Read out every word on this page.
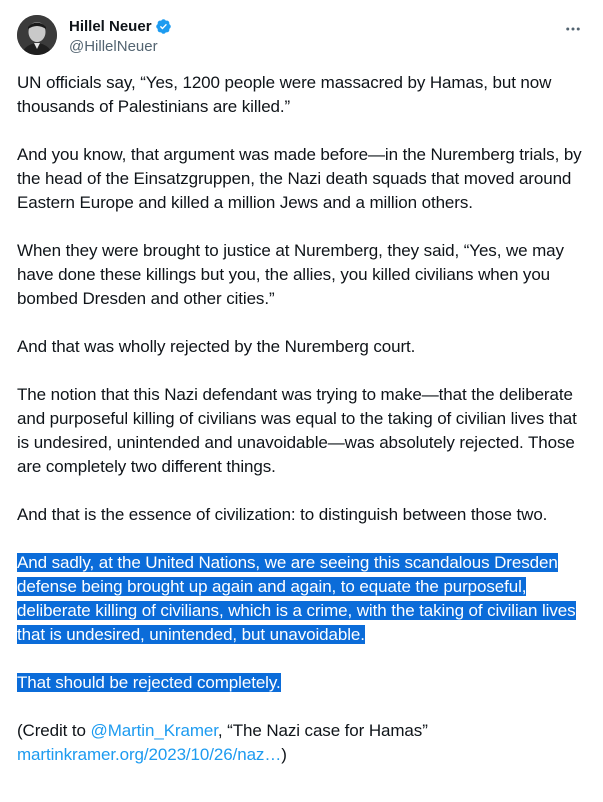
Hillel Neuer
@HillelNeuer

UN officials say, “Yes, 1200 people were massacred by Hamas, but now thousands of Palestinians are killed.”

And you know, that argument was made before—in the Nuremberg trials, by the head of the Einsatzgruppen, the Nazi death squads that moved around Eastern Europe and killed a million Jews and a million others.

When they were brought to justice at Nuremberg, they said, “Yes, we may have done these killings but you, the allies, you killed civilians when you bombed Dresden and other cities.”

And that was wholly rejected by the Nuremberg court.

The notion that this Nazi defendant was trying to make—that the deliberate and purposeful killing of civilians was equal to the taking of civilian lives that is undesired, unintended and unavoidable—was absolutely rejected. Those are completely two different things.

And that is the essence of civilization: to distinguish between those two.

And sadly, at the United Nations, we are seeing this scandalous Dresden defense being brought up again and again, to equate the purposeful, deliberate killing of civilians, which is a crime, with the taking of civilian lives that is undesired, unintended, but unavoidable.

That should be rejected completely.

(Credit to @Martin_Kramer, “The Nazi case for Hamas” martinkramer.org/2023/10/26/naz…)
